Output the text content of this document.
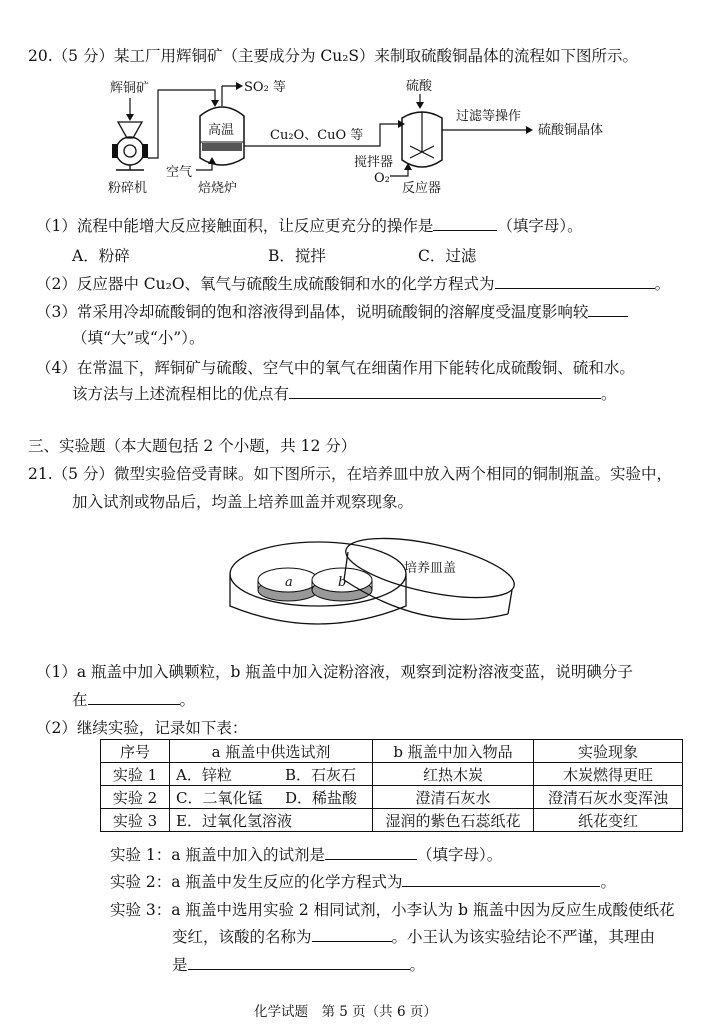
20.（5 分）某工厂用辉铜矿（主要成分为 Cu₂S）来制取硫酸铜晶体的流程如下图所示。
辉铜矿
粉碎机
高温
SO₂ 等
空气
焙烧炉
Cu₂O、CuO 等
硫酸
搅拌器
O₂
反应器
过滤等操作
硫酸铜晶体
（1）流程中能增大反应接触面积，让反应更充分的操作是	（填字母）。
A．粉碎	B．搅拌	C．过滤
（2）反应器中 Cu₂O、氧气与硫酸生成硫酸铜和水的化学方程式为	。
（3）常采用冷却硫酸铜的饱和溶液得到晶体，说明硫酸铜的溶解度受温度影响较
（填“大”或“小”）。
（4）在常温下，辉铜矿与硫酸、空气中的氧气在细菌作用下能转化成硫酸铜、硫和水。
该方法与上述流程相比的优点有	。
三、实验题（本大题包括 2 个小题，共 12 分）
21.（5 分）微型实验倍受青睐。如下图所示，在培养皿中放入两个相同的铜制瓶盖。实验中，
加入试剂或物品后，均盖上培养皿盖并观察现象。
a	b
培养皿盖
（1）a 瓶盖中加入碘颗粒，b 瓶盖中加入淀粉溶液，观察到淀粉溶液变蓝，说明碘分子
在	。
（2）继续实验，记录如下表：
序号	a 瓶盖中供选试剂		b 瓶盖中加入物品	实验现象
实验 1	A．锌粒	B．石灰石	红热木炭	木炭燃得更旺
实验 2	C．二氧化锰	D．稀盐酸	澄清石灰水	澄清石灰水变浑浊
实验 3	E．过氧化氢溶液		湿润的紫色石蕊纸花	纸花变红
实验 1：a 瓶盖中加入的试剂是	（填字母）。
实验 2：a 瓶盖中发生反应的化学方程式为	。
实验 3：a 瓶盖中选用实验 2 相同试剂，小李认为 b 瓶盖中因为反应生成酸使纸花
变红，该酸的名称为	。小王认为该实验结论不严谨，其理由
是	。
化学试题　第 5 页（共 6 页）
